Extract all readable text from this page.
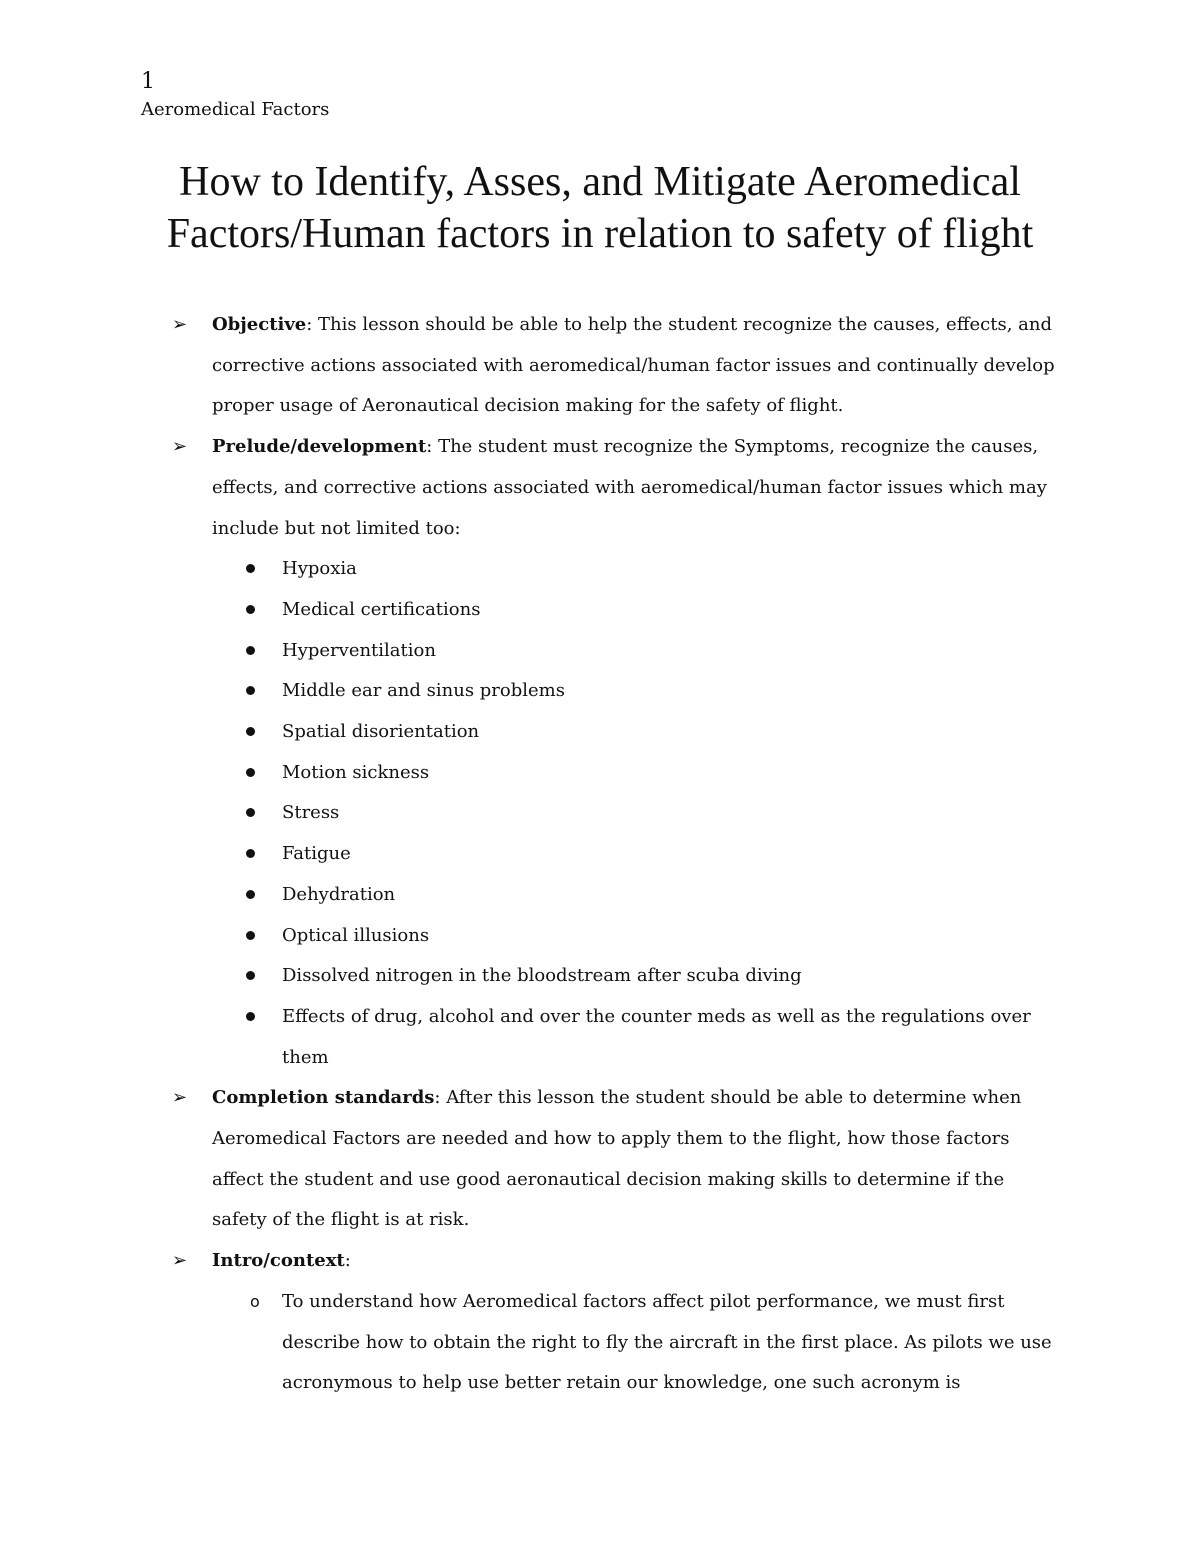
1
Aeromedical Factors
How to Identify, Asses, and Mitigate Aeromedical
Factors/Human factors in relation to safety of flight
➢ Objective: This lesson should be able to help the student recognize the causes, effects, and corrective actions associated with aeromedical/human factor issues and continually develop proper usage of Aeronautical decision making for the safety of flight.
➢ Prelude/development: The student must recognize the Symptoms, recognize the causes, effects, and corrective actions associated with aeromedical/human factor issues which may include but not limited too:
Hypoxia
Medical certifications
Hyperventilation
Middle ear and sinus problems
Spatial disorientation
Motion sickness
Stress
Fatigue
Dehydration
Optical illusions
Dissolved nitrogen in the bloodstream after scuba diving
Effects of drug, alcohol and over the counter meds as well as the regulations over them
➢ Completion standards: After this lesson the student should be able to determine when Aeromedical Factors are needed and how to apply them to the flight, how those factors affect the student and use good aeronautical decision making skills to determine if the safety of the flight is at risk.
➢ Intro/context:
o To understand how Aeromedical factors affect pilot performance, we must first describe how to obtain the right to fly the aircraft in the first place. As pilots we use acronymous to help use better retain our knowledge, one such acronym is
